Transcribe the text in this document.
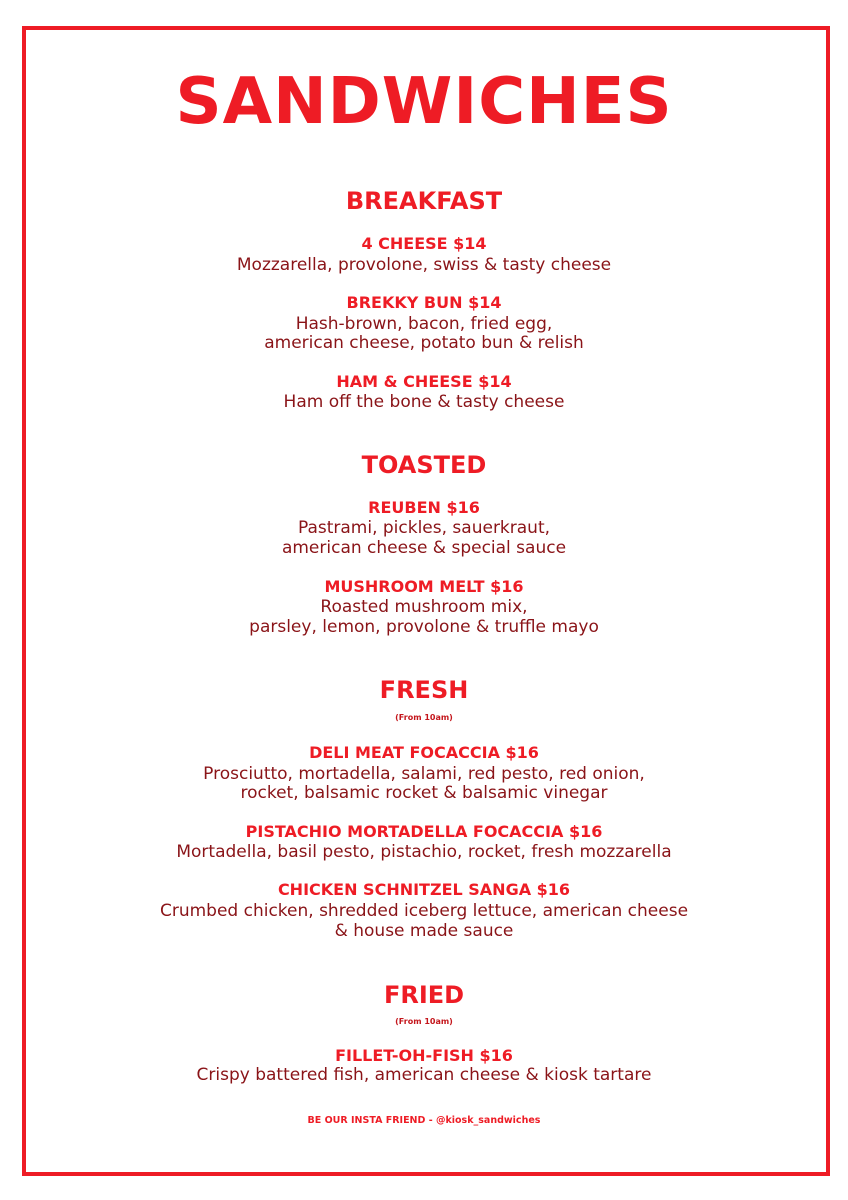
SANDWICHES
BREAKFAST
4 CHEESE $14
Mozzarella, provolone, swiss & tasty cheese
BREKKY BUN $14
Hash-brown, bacon, fried egg,
american cheese, potato bun & relish
HAM & CHEESE $14
Ham off the bone & tasty cheese
TOASTED
REUBEN $16
Pastrami, pickles, sauerkraut,
american cheese & special sauce
MUSHROOM MELT $16
Roasted mushroom mix,
parsley, lemon, provolone & truffle mayo
FRESH
(From 10am)
DELI MEAT FOCACCIA $16
Prosciutto, mortadella, salami, red pesto, red onion,
rocket, balsamic rocket & balsamic vinegar
PISTACHIO MORTADELLA FOCACCIA $16
Mortadella, basil pesto, pistachio, rocket, fresh mozzarella
CHICKEN SCHNITZEL SANGA $16
Crumbed chicken, shredded iceberg lettuce, american cheese
& house made sauce
FRIED
(From 10am)
FILLET-OH-FISH $16
Crispy battered fish, american cheese & kiosk tartare
BE OUR INSTA FRIEND - @kiosk_sandwiches
